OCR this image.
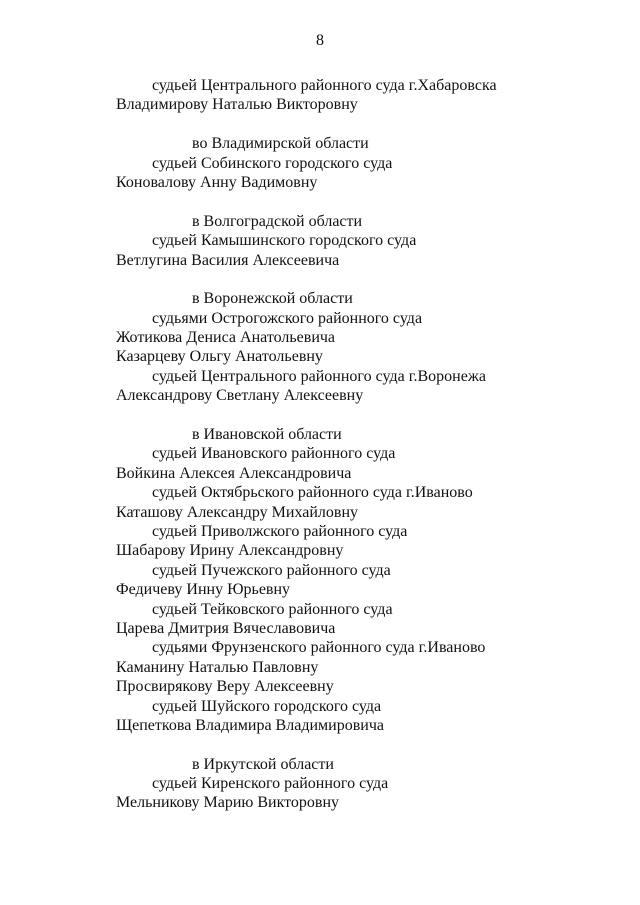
8
судьей Центрального районного суда г.Хабаровска
Владимирову Наталью Викторовну
во Владимирской области
судьей Собинского городского суда
Коновалову Анну Вадимовну
в Волгоградской области
судьей Камышинского городского суда
Ветлугина Василия Алексеевича
в Воронежской области
судьями Острогожского районного суда
Жотикова Дениса Анатольевича
Казарцеву Ольгу Анатольевну
судьей Центрального районного суда г.Воронежа
Александрову Светлану Алексеевну
в Ивановской области
судьей Ивановского районного суда
Войкина Алексея Александровича
судьей Октябрьского районного суда г.Иваново
Каташову Александру Михайловну
судьей Приволжского районного суда
Шабарову Ирину Александровну
судьей Пучежского районного суда
Федичеву Инну Юрьевну
судьей Тейковского районного суда
Царева Дмитрия Вячеславовича
судьями Фрунзенского районного суда г.Иваново
Каманину Наталью Павловну
Просвирякову Веру Алексеевну
судьей Шуйского городского суда
Щепеткова Владимира Владимировича
в Иркутской области
судьей Киренского районного суда
Мельникову Марию Викторовну
